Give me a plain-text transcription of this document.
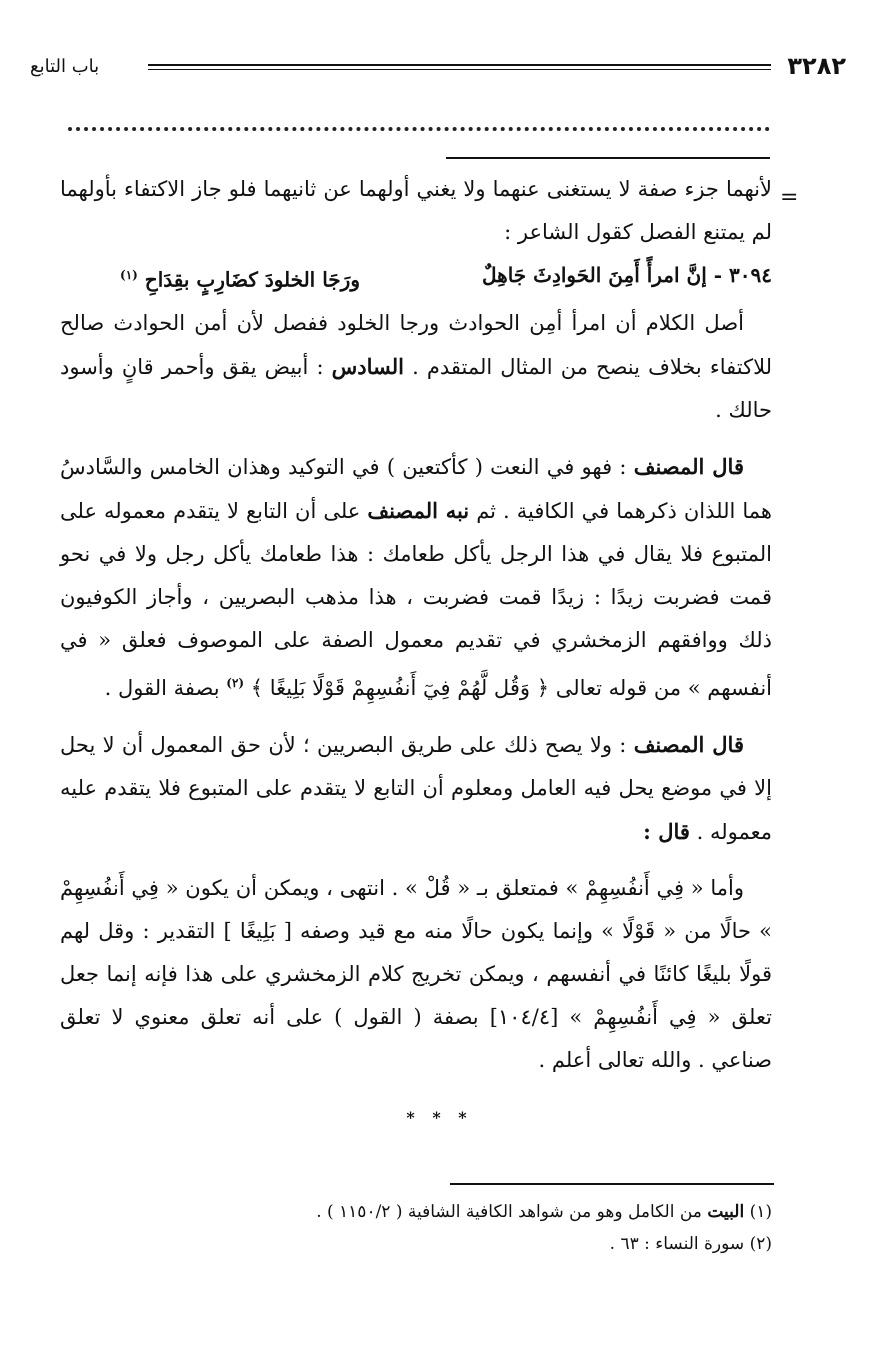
٣٢٨٢
باب التابع
=

لأنهما جزء صفة لا يستغنى عنهما ولا يغني أولهما عن ثانيهما فلو جاز الاكتفاء بأولهما لم يمتنع الفصل كقول الشاعر :

٣٠٩٤ - إنَّ امرأً أَمِنَ الحَوادِثَ جَاهِلٌ
ورَجَا الخلودَ كضَارِبٍ بقِدَاحِ $^{(١)}$

أصل الكلام أن امرأ أمِن الحوادث ورجا الخلود ففصل لأن أمن الحوادث صالح للاكتفاء بخلاف ينصح من المثال المتقدم . السادس : أبيض يقق وأحمر قانٍ وأسود حالك .

قال المصنف : فهو في النعت ( كأكتعين ) في التوكيد وهذان الخامس والسَّادسُ هما اللذان ذكرهما في الكافية . ثم نبه المصنف على أن التابع لا يتقدم معموله على المتبوع فلا يقال في هذا الرجل يأكل طعامك : هذا طعامك يأكل رجل ولا في نحو قمت فضربت زيدًا : زيدًا قمت فضربت ، هذا مذهب البصريين ، وأجاز الكوفيون ذلك ووافقهم الزمخشري في تقديم معمول الصفة على الموصوف فعلق « في أنفسهم » من قوله تعالى ﴿ وَقُل لَّهُمْ فِيٓ أَنفُسِهِمْ قَوْلًا بَلِيغًا ﴾ $^{(٢)}$ بصفة القول .

قال المصنف : ولا يصح ذلك على طريق البصريين ؛ لأن حق المعمول أن لا يحل إلا في موضع يحل فيه العامل ومعلوم أن التابع لا يتقدم على المتبوع فلا يتقدم عليه معموله . قال :

وأما « فِي أَنفُسِهِمْ » فمتعلق بـ « قُلْ » . انتهى ، ويمكن أن يكون « فِي أَنفُسِهِمْ » حالًا من « قَوْلًا » وإنما يكون حالًا منه مع قيد وصفه [ بَلِيغًا ] التقدير : وقل لهم قولًا بليغًا كائنًا في أنفسهم ، ويمكن تخريج كلام الزمخشري على هذا فإنه إنما جعل تعلق « فِي أَنفُسِهِمْ » [١٠٤/٤] بصفة ( القول ) على أنه تعلق معنوي لا تعلق صناعي . والله تعالى أعلم .

* * *
(١) البيت من الكامل وهو من شواهد الكافية الشافية ( ١١٥٠/٢ ) .
(٢) سورة النساء : ٦٣ .
